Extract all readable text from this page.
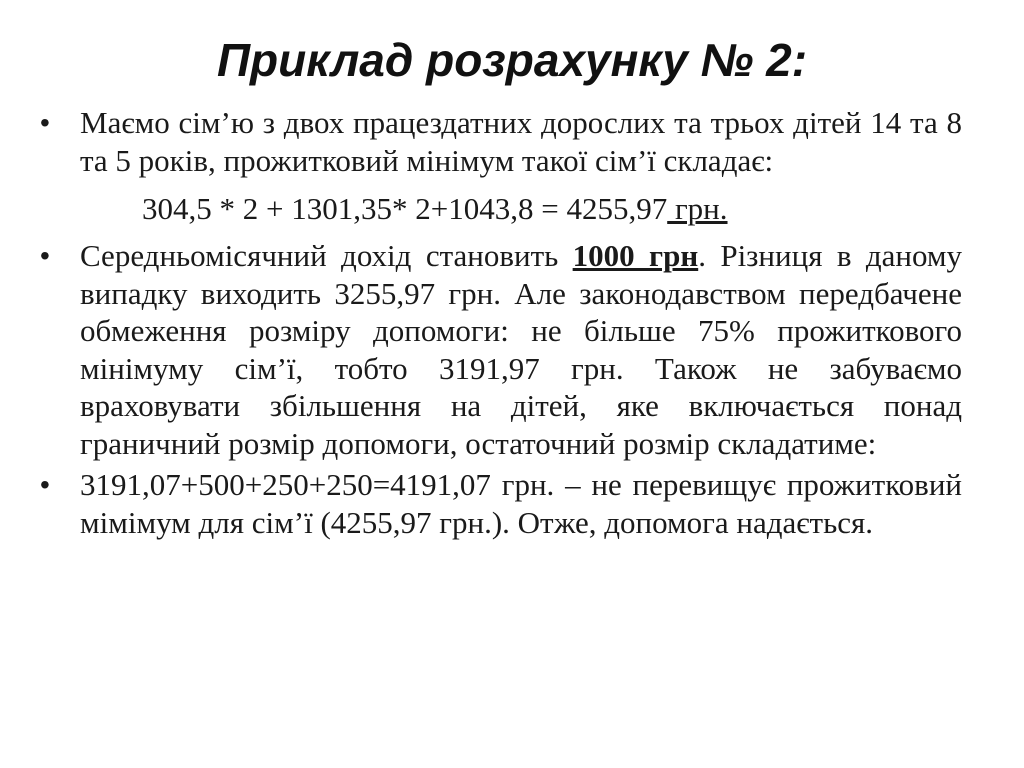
Приклад розрахунку № 2:
• Маємо сім’ю з двох працездатних дорослих та трьох дітей 14 та 8 та 5 років, прожитковий мінімум такої сім’ї складає:
304,5 * 2 + 1301,35* 2+1043,8 = 4255,97 грн.
• Середньомісячний дохід становить 1000 грн. Різниця в даному випадку виходить 3255,97 грн. Але законодавством передбачене обмеження розміру допомоги: не більше 75% прожиткового мінімуму сім’ї, тобто 3191,97 грн. Також не забуваємо враховувати збільшення на дітей, яке включається понад граничний розмір допомоги, остаточний розмір складатиме:
• 3191,07+500+250+250=4191,07 грн. – не перевищує прожитковий мімімум для сім’ї (4255,97 грн.). Отже, допомога надається.
